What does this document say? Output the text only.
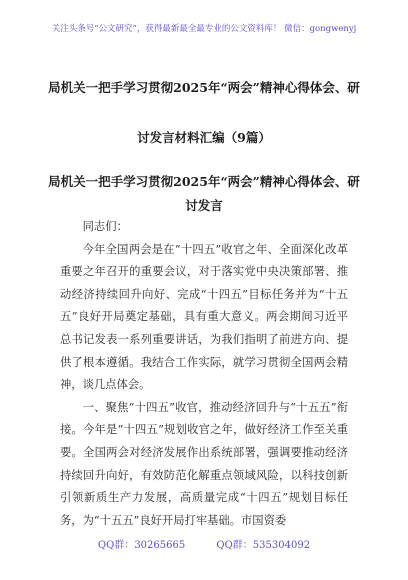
关注头条号“公文研究”，获得最新最全最专业的公文资料库！ 微信：gongwenyj
局机关一把手学习贯彻2025年“两会”精神心得体会、研
讨发言材料汇编（9篇）
局机关一把手学习贯彻2025年“两会”精神心得体会、研
讨发言

同志们：

今年全国两会是在“十四五”收官之年、全面深化改革重要之年召开的重要会议，对于落实党中央决策部署、推动经济持续回升向好、完成“十四五”目标任务并为“十五五”良好开局奠定基础，具有重大意义。两会期间习近平总书记发表一系列重要讲话，为我们指明了前进方向、提供了根本遵循。我结合工作实际，就学习贯彻全国两会精神，谈几点体会。

一、聚焦“十四五”收官，推动经济回升与“十五五”衔接。今年是“十四五”规划收官之年，做好经济工作至关重要。全国两会对经济发展作出系统部署，强调要推动经济持续回升向好，有效防范化解重点领域风险，以科技创新引领新质生产力发展，高质量完成“十四五”规划目标任务，为“十五五”良好开局打牢基础。市国资委

QQ群：30265665	QQ群：535304092
